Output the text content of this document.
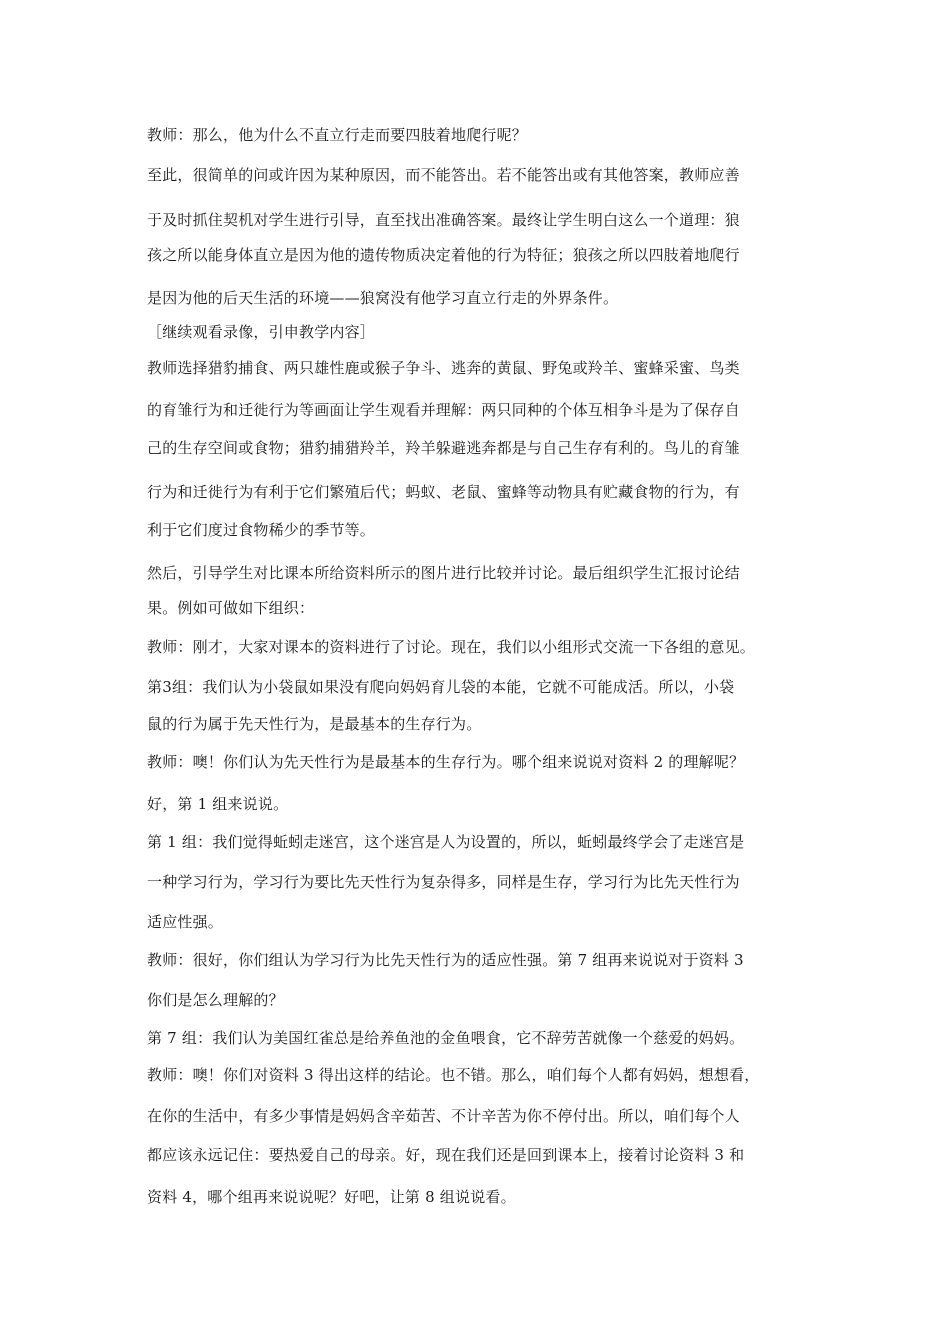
教师：那么，他为什么不直立行走而要四肢着地爬行呢？
至此，很简单的问或许因为某种原因，而不能答出。若不能答出或有其他答案，教师应善
于及时抓住契机对学生进行引导，直至找出准确答案。最终让学生明白这么一个道理：狼
孩之所以能身体直立是因为他的遗传物质决定着他的行为特征；狼孩之所以四肢着地爬行
是因为他的后天生活的环境——狼窝没有他学习直立行走的外界条件。
［继续观看录像，引申教学内容］
教师选择猎豹捕食、两只雄性鹿或猴子争斗、逃奔的黄鼠、野兔或羚羊、蜜蜂采蜜、鸟类
的育雏行为和迁徙行为等画面让学生观看并理解：两只同种的个体互相争斗是为了保存自
己的生存空间或食物；猎豹捕猎羚羊，羚羊躲避逃奔都是与自己生存有利的。鸟儿的育雏
行为和迁徙行为有利于它们繁殖后代；蚂蚁、老鼠、蜜蜂等动物具有贮藏食物的行为，有
利于它们度过食物稀少的季节等。
然后，引导学生对比课本所给资料所示的图片进行比较并讨论。最后组织学生汇报讨论结
果。例如可做如下组织：
教师：刚才，大家对课本的资料进行了讨论。现在，我们以小组形式交流一下各组的意见。
第3组：我们认为小袋鼠如果没有爬向妈妈育儿袋的本能，它就不可能成活。所以，小袋
鼠的行为属于先天性行为，是最基本的生存行为。
教师：噢！你们认为先天性行为是最基本的生存行为。哪个组来说说对资料 2 的理解呢？
好，第 1 组来说说。
第 1 组：我们觉得蚯蚓走迷宫，这个迷宫是人为设置的，所以，蚯蚓最终学会了走迷宫是
一种学习行为，学习行为要比先天性行为复杂得多，同样是生存，学习行为比先天性行为
适应性强。
教师：很好，你们组认为学习行为比先天性行为的适应性强。第 7 组再来说说对于资料 3
你们是怎么理解的？
第 7 组：我们认为美国红雀总是给养鱼池的金鱼喂食，它不辞劳苦就像一个慈爱的妈妈。
教师：噢！你们对资料 3 得出这样的结论。也不错。那么，咱们每个人都有妈妈，想想看，
在你的生活中，有多少事情是妈妈含辛茹苦、不计辛苦为你不停付出。所以，咱们每个人
都应该永远记住：要热爱自己的母亲。好，现在我们还是回到课本上，接着讨论资料 3 和
资料 4，哪个组再来说说呢？好吧，让第 8 组说说看。
